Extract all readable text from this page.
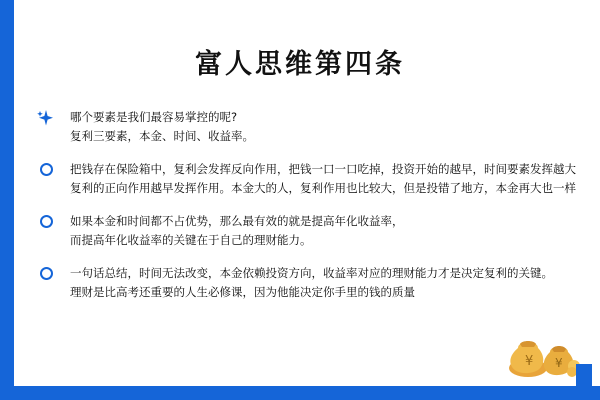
富人思维第四条
哪个要素是我们最容易掌控的呢?
复利三要素，本金、时间、收益率。
把钱存在保险箱中，复利会发挥反向作用，把钱一口一口吃掉，投资开始的越早，时间要素发挥越大
复利的正向作用越早发挥作用。本金大的人，复利作用也比较大，但是投错了地方，本金再大也一样
如果本金和时间都不占优势，那么最有效的就是提高年化收益率，
而提高年化收益率的关键在于自己的理财能力。
一句话总结，时间无法改变，本金依赖投资方向，收益率对应的理财能力才是决定复利的关键。
理财是比高考还重要的人生必修课，因为他能决定你手里的钱的质量
¥ ¥
